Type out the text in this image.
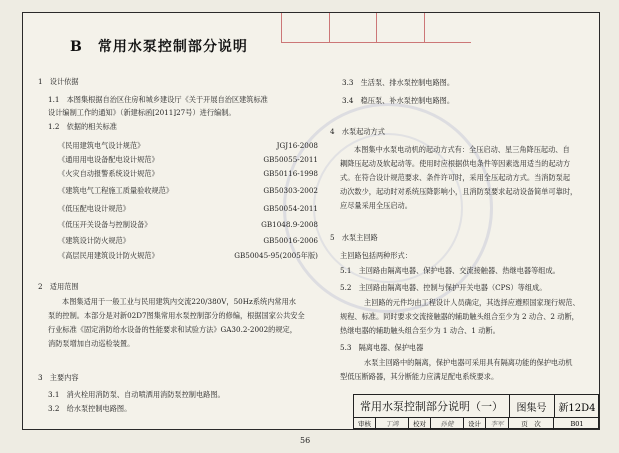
B　常用水泵控制部分说明
1　设计依据
1.1　本图集根据自治区住房和城乡建设厅《关于开展自治区建筑标准
设计编制工作的通知》（新建标函[2011]27号）进行编制。
1.2　依据的相关标准
《民用建筑电气设计规范》	JGJ16-2008
《通用用电设备配电设计规范》	GB50055-2011
《火灾自动报警系统设计规范》	GB50116-1998
《建筑电气工程施工质量验收规范》	GB50303-2002
《低压配电设计规范》	GB50054-2011
《低压开关设备与控制设备》	GB1048.9-2008
《建筑设计防火规范》	GB50016-2006
《高层民用建筑设计防火规范》	GB50045-95(2005年版)
2　适用范围
本图集适用于一般工业与民用建筑内交流220/380V，50Hz系统内常用水
泵的控制。本部分是对新02D7图集常用水泵控制部分的修编，根据国家公共安全
行业标准《固定消防给水设备的性能要求和试验方法》GA30.2-2002的规定，
消防泵增加自动巡检装置。
3　主要内容
3.1　消火栓用消防泵、自动喷洒用消防泵控制电路图。
3.2　给水泵控制电路图。
3.3　生活泵、排水泵控制电路图。
3.4　稳压泵、补水泵控制电路图。
4　水泵起动方式
本图集中水泵电动机的起动方式有：全压启动、星三角降压起动、自
耦降压起动及软起动等。使用时应根据供电条件等因素选用适当的起动方
式。在符合设计规范要求、条件许可时，采用全压起动方式。当消防泵起
动次数少，起动时对系统压降影响小，且消防泵要求起动设备简单可靠时，
应尽量采用全压启动。
5　水泵主回路
主回路包括两种形式：
5.1　主回路由隔离电器、保护电器、交流接触器、热继电器等组成。
5.2　主回路由隔离电器、控制与保护开关电器（CPS）等组成。
主回路的元件均由工程设计人员确定，其选择应遵照国家现行规范、
规程、标准。同时要求交流接触器的辅助触头组合至少为 2 动合、2 动断，
热继电器的辅助触头组合至少为 1 动合、1 动断。
5.3　隔离电器、保护电器
水泵主回路中的隔离，保护电器可采用具有隔离功能的保护电动机
型低压断路器，其分断能力应满足配电系统要求。
常用水泵控制部分说明（一）	图集号	新12D4
审核	丁鸿	校对	孙健	设计	李军	页　次	B01
56
